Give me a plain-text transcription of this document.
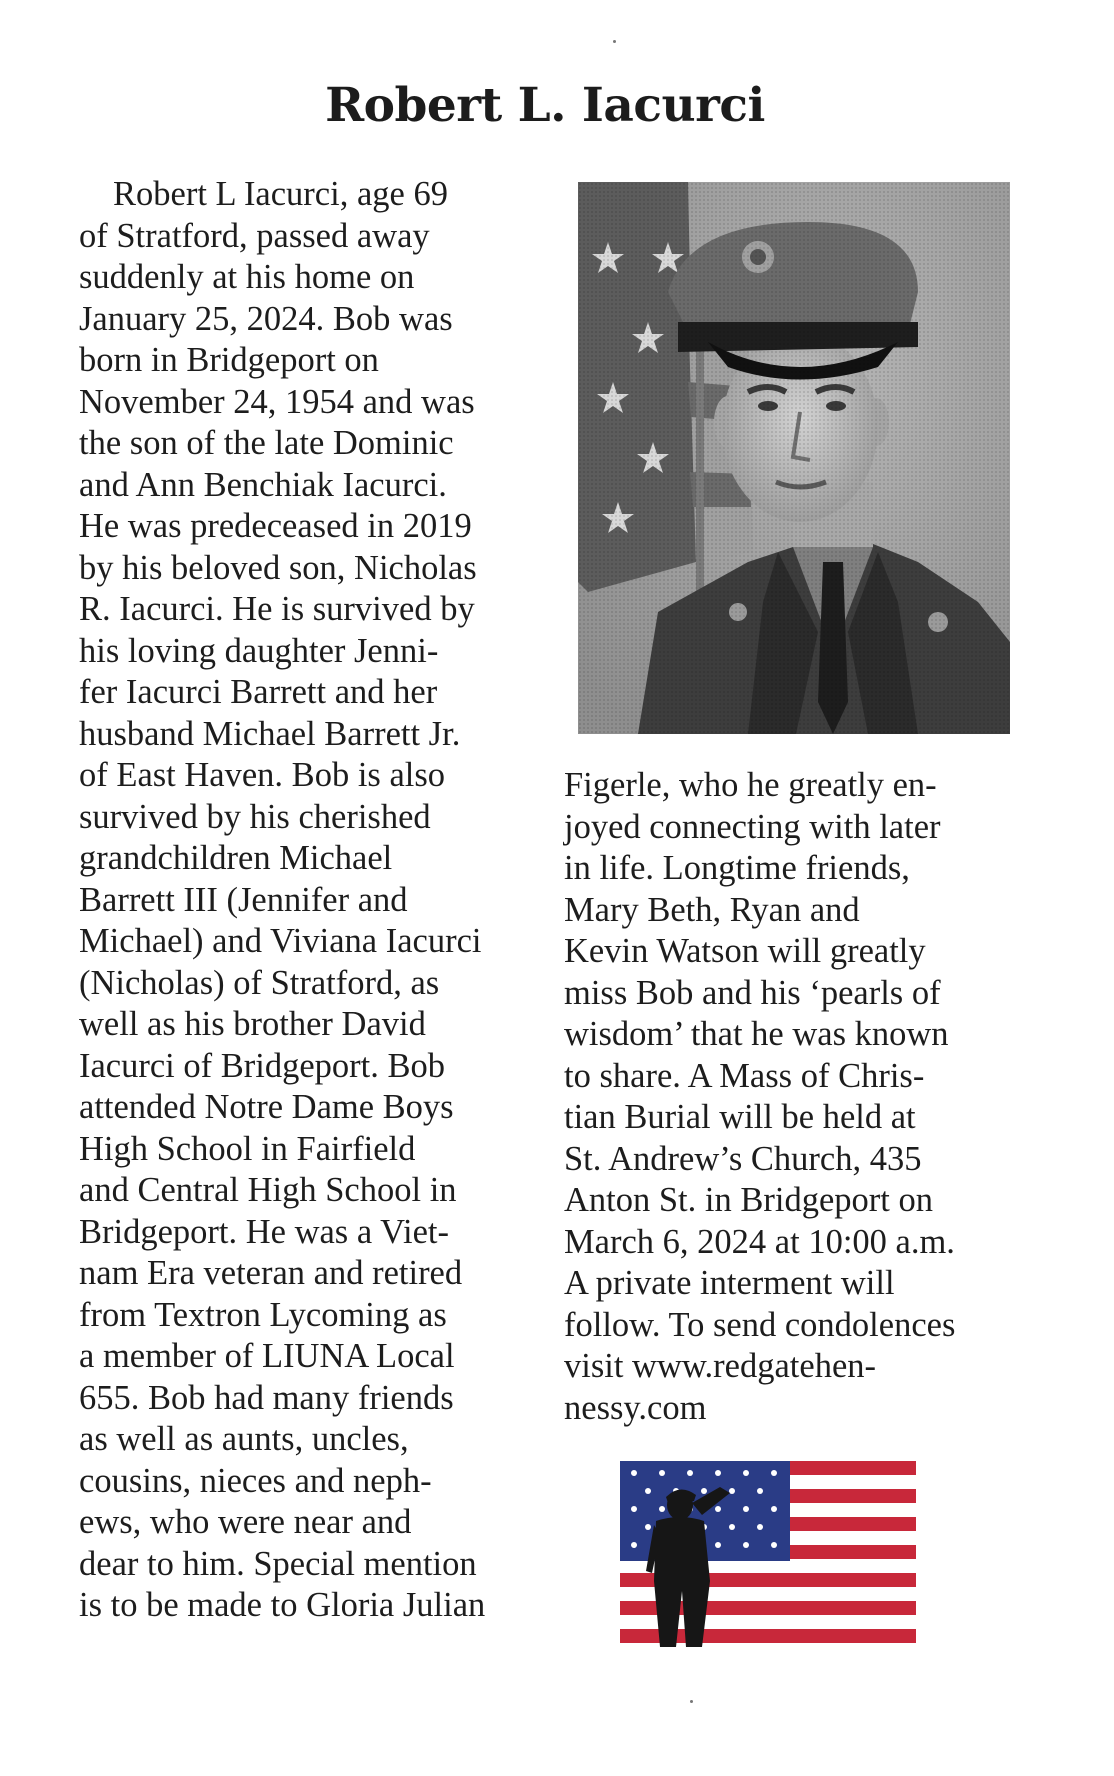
Robert L. Iacurci
Robert L Iacurci, age 69
of Stratford, passed away
suddenly at his home on
January 25, 2024. Bob was
born in Bridgeport on
November 24, 1954 and was
the son of the late Dominic
and Ann Benchiak Iacurci.
He was predeceased in 2019
by his beloved son, Nicholas
R. Iacurci. He is survived by
his loving daughter Jenni-
fer Iacurci Barrett and her
husband Michael Barrett Jr.
of East Haven. Bob is also
survived by his cherished
grandchildren Michael
Barrett III (Jennifer and
Michael) and Viviana Iacurci
(Nicholas) of Stratford, as
well as his brother David
Iacurci of Bridgeport. Bob
attended Notre Dame Boys
High School in Fairfield
and Central High School in
Bridgeport. He was a Viet-
nam Era veteran and retired
from Textron Lycoming as
a member of LIUNA Local
655. Bob had many friends
as well as aunts, uncles,
cousins, nieces and neph-
ews, who were near and
dear to him. Special mention
is to be made to Gloria Julian
Figerle, who he greatly en-
joyed connecting with later
in life. Longtime friends,
Mary Beth, Ryan and
Kevin Watson will greatly
miss Bob and his ‘pearls of
wisdom’ that he was known
to share. A Mass of Chris-
tian Burial will be held at
St. Andrew’s Church, 435
Anton St. in Bridgeport on
March 6, 2024 at 10:00 a.m.
A private interment will
follow. To send condolences
visit www.redgatehen-
nessy.com
